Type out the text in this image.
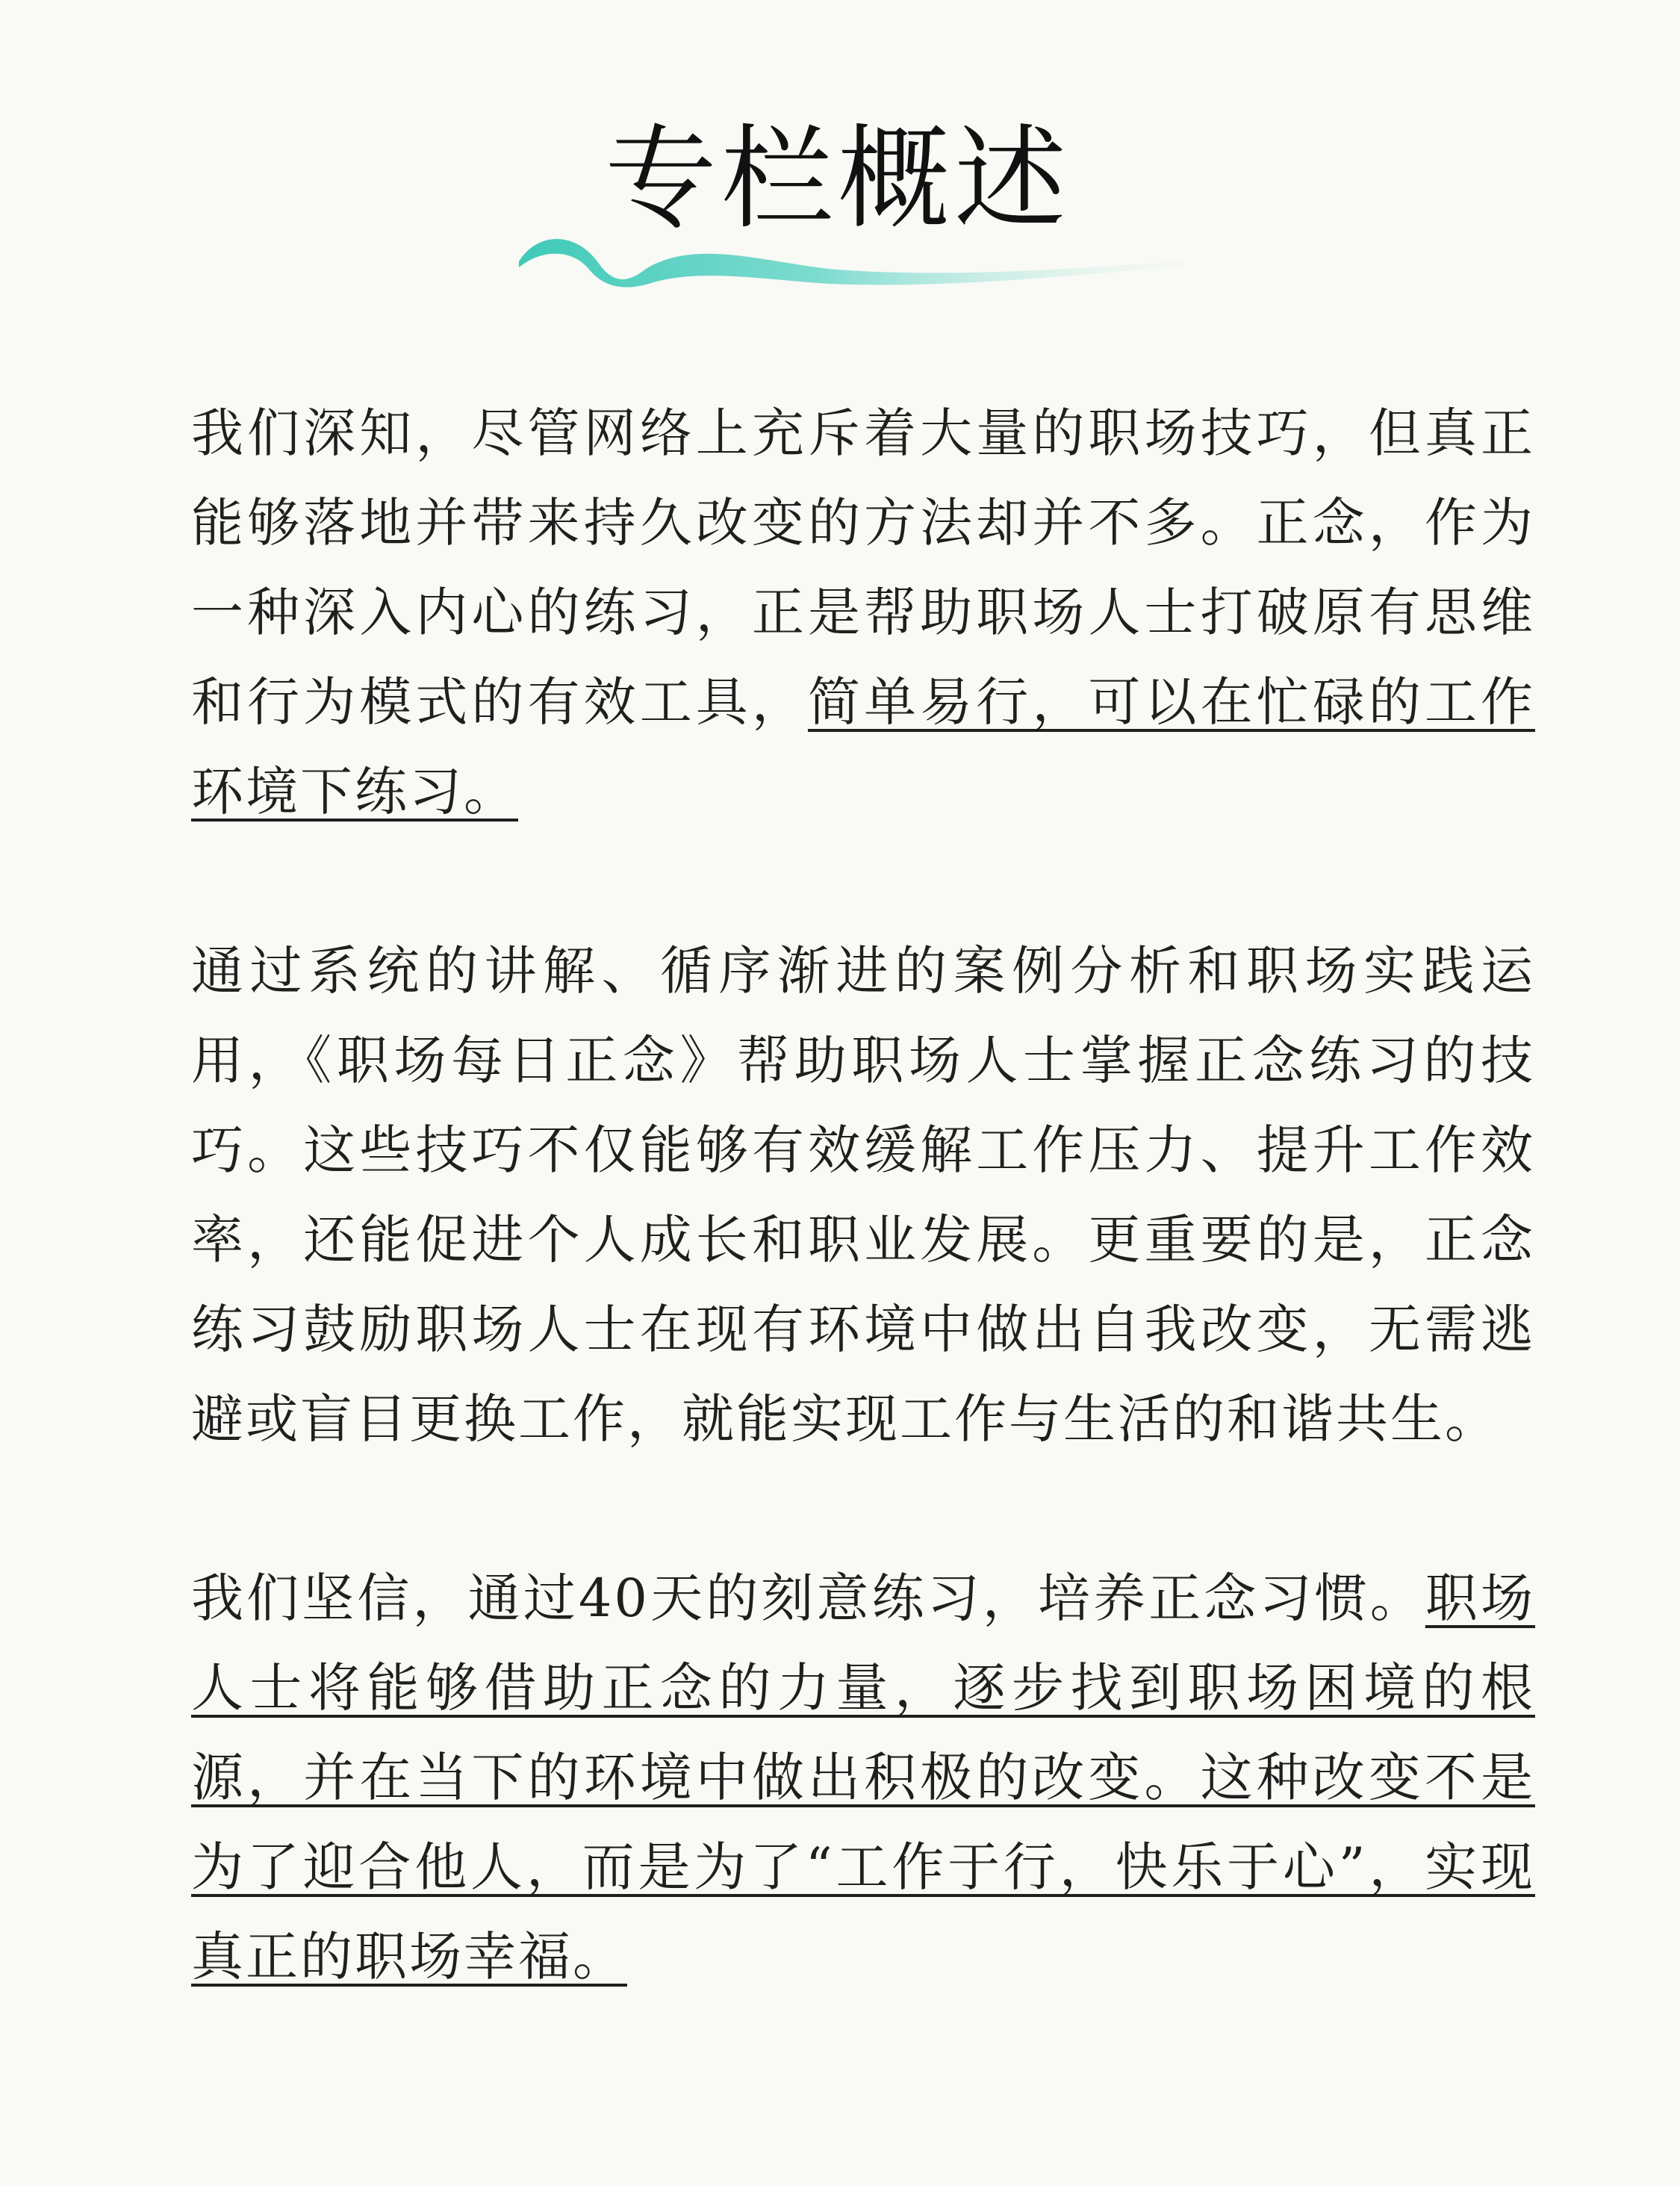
专栏概述

我们深知，尽管网络上充斥着大量的职场技巧，但真正能够落地并带来持久改变的方法却并不多。正念，作为一种深入内心的练习，正是帮助职场人士打破原有思维和行为模式的有效工具，简单易行，可以在忙碌的工作环境下练习。

通过系统的讲解、循序渐进的案例分析和职场实践运用，《职场每日正念》帮助职场人士掌握正念练习的技巧。这些技巧不仅能够有效缓解工作压力、提升工作效率，还能促进个人成长和职业发展。更重要的是，正念练习鼓励职场人士在现有环境中做出自我改变，无需逃避或盲目更换工作，就能实现工作与生活的和谐共生。

我们坚信，通过40天的刻意练习，培养正念习惯。职场人士将能够借助正念的力量，逐步找到职场困境的根源，并在当下的环境中做出积极的改变。这种改变不是为了迎合他人，而是为了“工作于行，快乐于心”，实现真正的职场幸福。
